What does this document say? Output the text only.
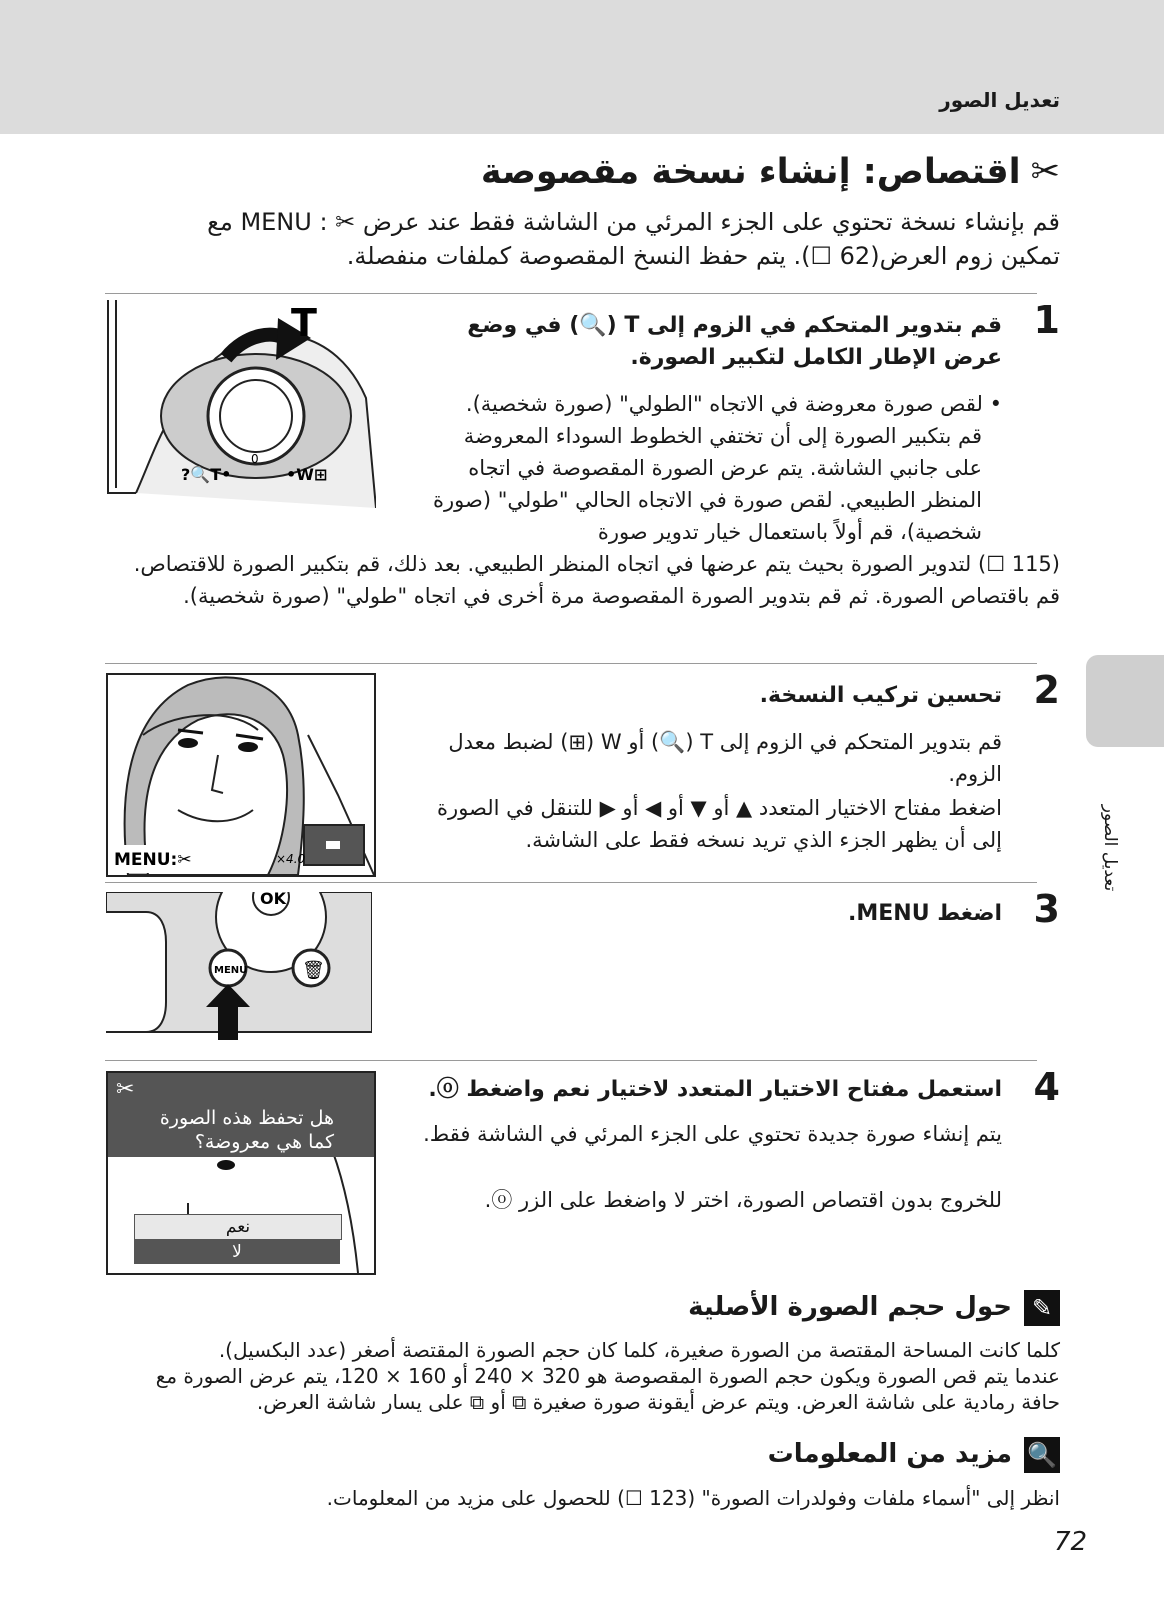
تعديل الصور
تعديل الصور
✂اقتصاص: إنشاء نسخة مقصوصة
قم بإنشاء نسخة تحتوي على الجزء المرئي من الشاشة فقط عند عرض ✂ : MENU مع
تمكين زوم العرض(62 ☐). يتم حفظ النسخ المقصوصة كملفات منفصلة.
1
قم بتدوير المتحكم في الزوم إلى T (🔍) في وضع عرض الإطار الكامل لتكبير الصورة.
• لقص صورة معروضة في الاتجاه "الطولي" (صورة شخصية).
قم بتكبير الصورة إلى أن تختفي الخطوط السوداء المعروضة على جانبي الشاشة. يتم عرض الصورة المقصوصة في اتجاه المنظر الطبيعي. لقص صورة في الاتجاه الحالي "طولي" (صورة شخصية)، قم أولاً باستعمال خيار تدوير صورة
(115 ☐) لتدوير الصورة بحيث يتم عرضها في اتجاه المنظر الطبيعي. بعد ذلك، قم بتكبير الصورة للاقتصاص. قم باقتصاص الصورة. ثم قم بتدوير الصورة المقصوصة مرة أخرى في اتجاه "طولي" (صورة شخصية).
0
?🔍T•	•W⊞
T
2
تحسين تركيب النسخة.
قم بتدوير المتحكم في الزوم إلى T (🔍) أو W (⊞) لضبط معدل الزوم.
اضغط مفتاح الاختيار المتعدد ▲ أو ▼ أو ◀ أو ▶ للتنقل في الصورة إلى أن يظهر الجزء الذي تريد نسخه فقط على الشاشة.
×4.0
MENU:✂
3
اضغط MENU.
OK
MENU	🗑
4
استعمل مفتاح الاختيار المتعدد لاختيار نعم واضغط ⓞ.
يتم إنشاء صورة جديدة تحتوي على الجزء المرئي في الشاشة فقط.
للخروج بدون اقتصاص الصورة، اختر لا واضغط على الزر ⓞ.
✂
هل تحفظ هذه الصورة
كما هي معروضة؟
نعم
لا
✎
حول حجم الصورة الأصلية
كلما كانت المساحة المقتصة من الصورة صغيرة، كلما كان حجم الصورة المقتصة أصغر (عدد البكسيل).
عندما يتم قص الصورة ويكون حجم الصورة المقصوصة هو 320 × 240 أو 160 × 120، يتم عرض الصورة مع
حافة رمادية على شاشة العرض. ويتم عرض أيقونة صورة صغيرة ⧉ أو ⧉ على يسار شاشة العرض.
🔍
مزيد من المعلومات
انظر إلى "أسماء ملفات وفولدرات الصورة" (123 ☐) للحصول على مزيد من المعلومات.
72
